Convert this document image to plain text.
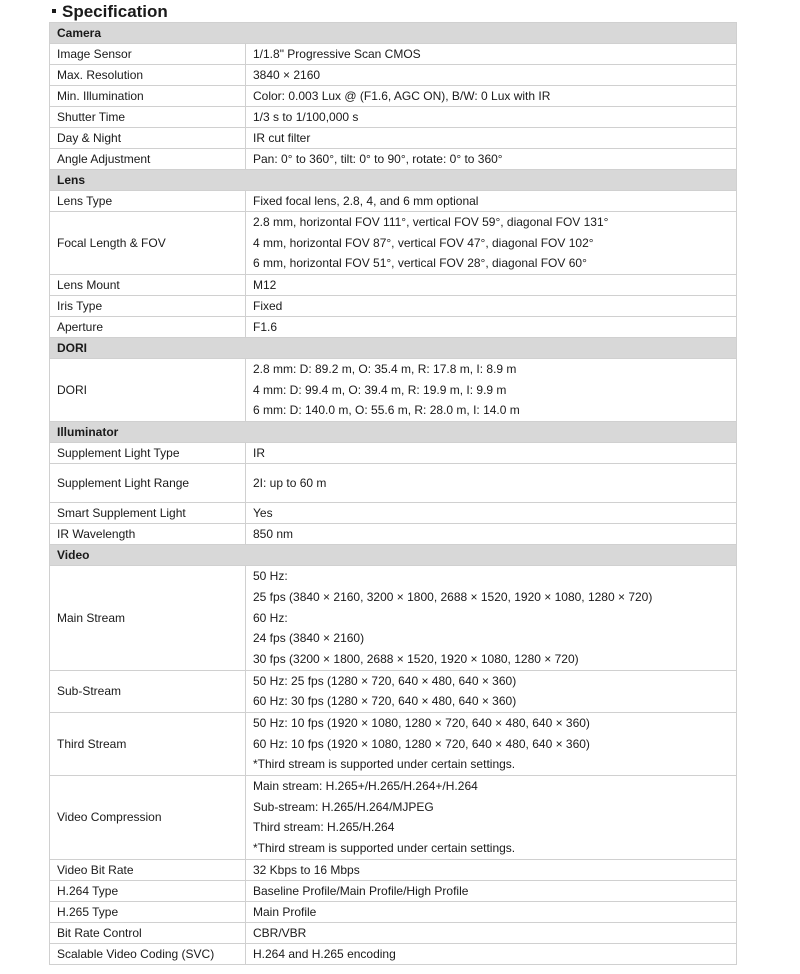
Specification
Camera	
Image Sensor	1/1.8" Progressive Scan CMOS
Max. Resolution	3840 × 2160
Min. Illumination	Color: 0.003 Lux @ (F1.6, AGC ON), B/W: 0 Lux with IR
Shutter Time	1/3 s to 1/100,000 s
Day & Night	IR cut filter
Angle Adjustment	Pan: 0° to 360°, tilt: 0° to 90°, rotate: 0° to 360°
Lens	
Lens Type	Fixed focal lens, 2.8, 4, and 6 mm optional
Focal Length & FOV	2.8 mm, horizontal FOV 111°, vertical FOV 59°, diagonal FOV 131°
4 mm, horizontal FOV 87°, vertical FOV 47°, diagonal FOV 102°
6 mm, horizontal FOV 51°, vertical FOV 28°, diagonal FOV 60°

Lens Mount	M12
Iris Type	Fixed
Aperture	F1.6
DORI	
DORI	2.8 mm: D: 89.2 m, O: 35.4 m, R: 17.8 m, I: 8.9 m
4 mm: D: 99.4 m, O: 39.4 m, R: 19.9 m, I: 9.9 m
6 mm: D: 140.0 m, O: 55.6 m, R: 28.0 m, I: 14.0 m

Illuminator	
Supplement Light Type	IR
Supplement Light Range	2I: up to 60 m
Smart Supplement Light	Yes
IR Wavelength	850 nm
Video	
Main Stream	50 Hz:
25 fps (3840 × 2160, 3200 × 1800, 2688 × 1520, 1920 × 1080, 1280 × 720)
60 Hz:
24 fps (3840 × 2160)
30 fps (3200 × 1800, 2688 × 1520, 1920 × 1080, 1280 × 720)

Sub-Stream	50 Hz: 25 fps (1280 × 720, 640 × 480, 640 × 360)
60 Hz: 30 fps (1280 × 720, 640 × 480, 640 × 360)

Third Stream	50 Hz: 10 fps (1920 × 1080, 1280 × 720, 640 × 480, 640 × 360)
60 Hz: 10 fps (1920 × 1080, 1280 × 720, 640 × 480, 640 × 360)
*Third stream is supported under certain settings.

Video Compression	Main stream: H.265+/H.265/H.264+/H.264
Sub-stream: H.265/H.264/MJPEG
Third stream: H.265/H.264
*Third stream is supported under certain settings.

Video Bit Rate	32 Kbps to 16 Mbps
H.264 Type	Baseline Profile/Main Profile/High Profile
H.265 Type	Main Profile
Bit Rate Control	CBR/VBR
Scalable Video Coding (SVC)	H.264 and H.265 encoding
